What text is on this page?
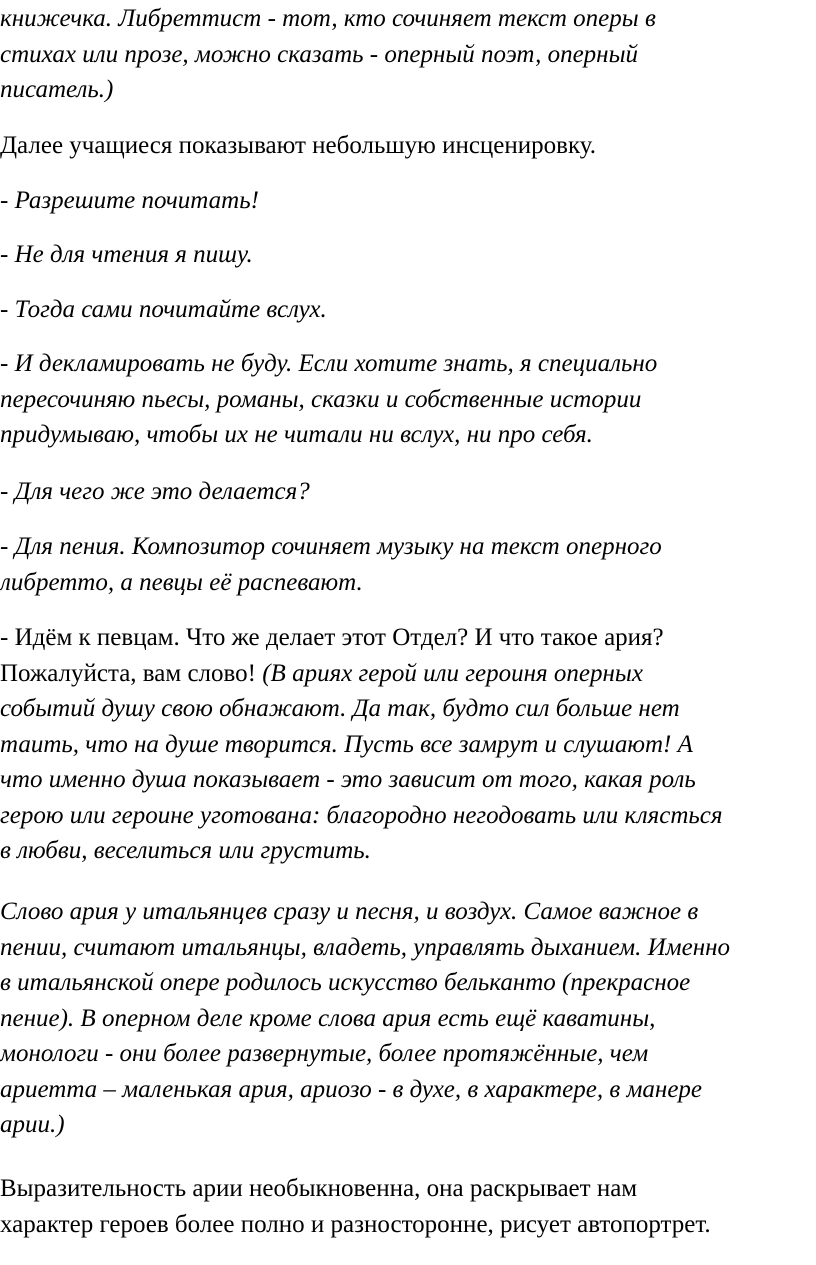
книжечка. Либреттист - тот, кто сочиняет текст оперы в
стихах или прозе, можно сказать - оперный поэт, оперный
писатель.)
Далее учащиеся показывают небольшую инсценировку.
- Разрешите почитать!
- Не для чтения я пишу.
- Тогда сами почитайте вслух.
- И декламировать не буду. Если хотите знать, я специально
пересочиняю пьесы, романы, сказки и собственные истории
придумываю, чтобы их не читали ни вслух, ни про себя.
- Для чего же это делается?
- Для пения. Композитор сочиняет музыку на текст оперного
либретто, а певцы её распевают.
- Идём к певцам. Что же делает этот Отдел? И что такое ария?
Пожалуйста, вам слово! (В ариях герой или героиня оперных
событий душу свою обнажают. Да так, будто сил больше нет
таить, что на душе творится. Пусть все замрут и слушают! А
что именно душа показывает - это зависит от того, какая роль
герою или героине уготована: благородно негодовать или клясться
в любви, веселиться или грустить.
Слово ария у итальянцев сразу и песня, и воздух. Самое важное в
пении, считают итальянцы, владеть, управлять дыханием. Именно
в итальянской опере родилось искусство бельканто (прекрасное
пение). В оперном деле кроме слова ария есть ещё каватины,
монологи - они более развернутые, более протяжённые, чем
ариетта – маленькая ария, ариозо - в духе, в характере, в манере
арии.)
Выразительность арии необыкновенна, она раскрывает нам
характер героев более полно и разносторонне, рисует автопортрет.
